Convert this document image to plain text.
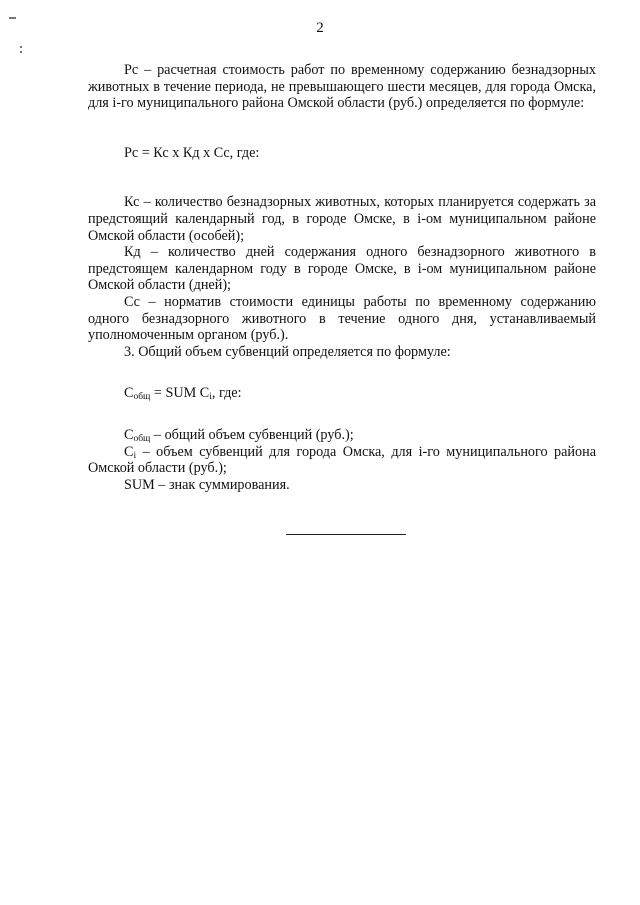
2

Рс – расчетная стоимость работ по временному содержанию безнадзорных животных в течение периода, не превышающего шести месяцев, для города Омска, для i-го муниципального района Омской области (руб.) определяется по формуле:

Рс = Кс х Кд х Сс, где:

Кс – количество безнадзорных животных, которых планируется содержать за предстоящий календарный год, в городе Омске, в i-ом муниципальном районе Омской области (особей);

Кд – количество дней содержания одного безнадзорного животного в предстоящем календарном году в городе Омске, в i-ом муниципальном районе Омской области (дней);

Сс – норматив стоимости единицы работы по временному содержанию одного безнадзорного животного в течение одного дня, устанавливаемый уполномоченным органом (руб.).

3. Общий объем субвенций определяется по формуле:

$С_{общ}$ = SUM $С_i$, где:

$С_{общ}$ – общий объем субвенций (руб.);

$С_i$ – объем субвенций для города Омска, для i-го муниципального района Омской области (руб.);

SUM – знак суммирования.
